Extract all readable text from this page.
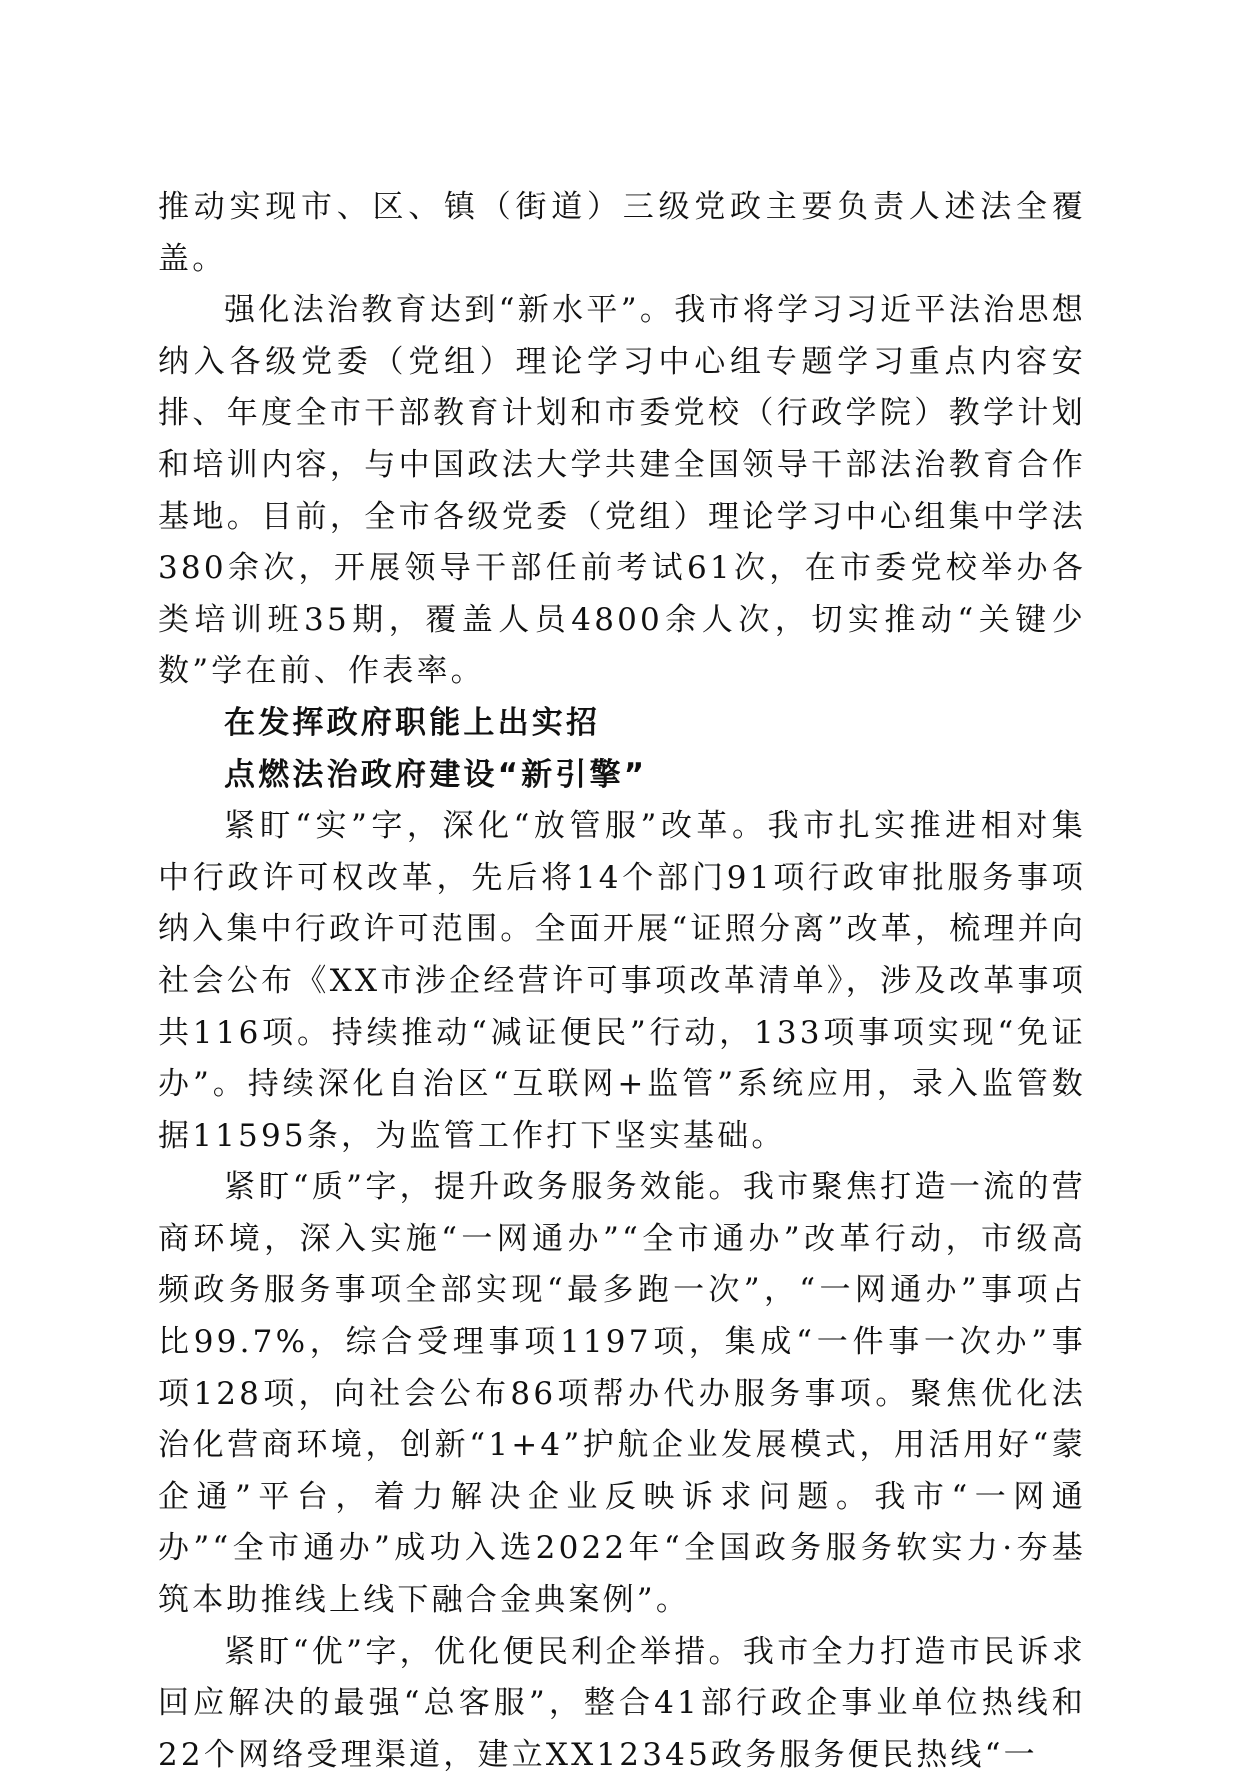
推动实现市、区、镇（街道）三级党政主要负责人述法全覆盖。

强化法治教育达到“新水平”。我市将学习习近平法治思想纳入各级党委（党组）理论学习中心组专题学习重点内容安排、年度全市干部教育计划和市委党校（行政学院）教学计划和培训内容，与中国政法大学共建全国领导干部法治教育合作基地。目前，全市各级党委（党组）理论学习中心组集中学法380余次，开展领导干部任前考试61次，在市委党校举办各类培训班35期，覆盖人员4800余人次，切实推动“关键少数”学在前、作表率。

在发挥政府职能上出实招
点燃法治政府建设“新引擎”

紧盯“实”字，深化“放管服”改革。我市扎实推进相对集中行政许可权改革，先后将14个部门91项行政审批服务事项纳入集中行政许可范围。全面开展“证照分离”改革，梳理并向社会公布《XX市涉企经营许可事项改革清单》，涉及改革事项共116项。持续推动“减证便民”行动，133项事项实现“免证办”。持续深化自治区“互联网+监管”系统应用，录入监管数据11595条，为监管工作打下坚实基础。

紧盯“质”字，提升政务服务效能。我市聚焦打造一流的营商环境，深入实施“一网通办”“全市通办”改革行动，市级高频政务服务事项全部实现“最多跑一次”，“一网通办”事项占比99.7%，综合受理事项1197项，集成“一件事一次办”事项128项，向社会公布86项帮办代办服务事项。聚焦优化法治化营商环境，创新“1+4”护航企业发展模式，用活用好“蒙企通”平台，着力解决企业反映诉求问题。我市“一网通办”“全市通办”成功入选2022年“全国政务服务软实力·夯基筑本助推线上线下融合金典案例”。

紧盯“优”字，优化便民利企举措。我市全力打造市民诉求回应解决的最强“总客服”，整合41部行政企事业单位热线和22个网络受理渠道，建立XX12345政务服务便民热线“一
